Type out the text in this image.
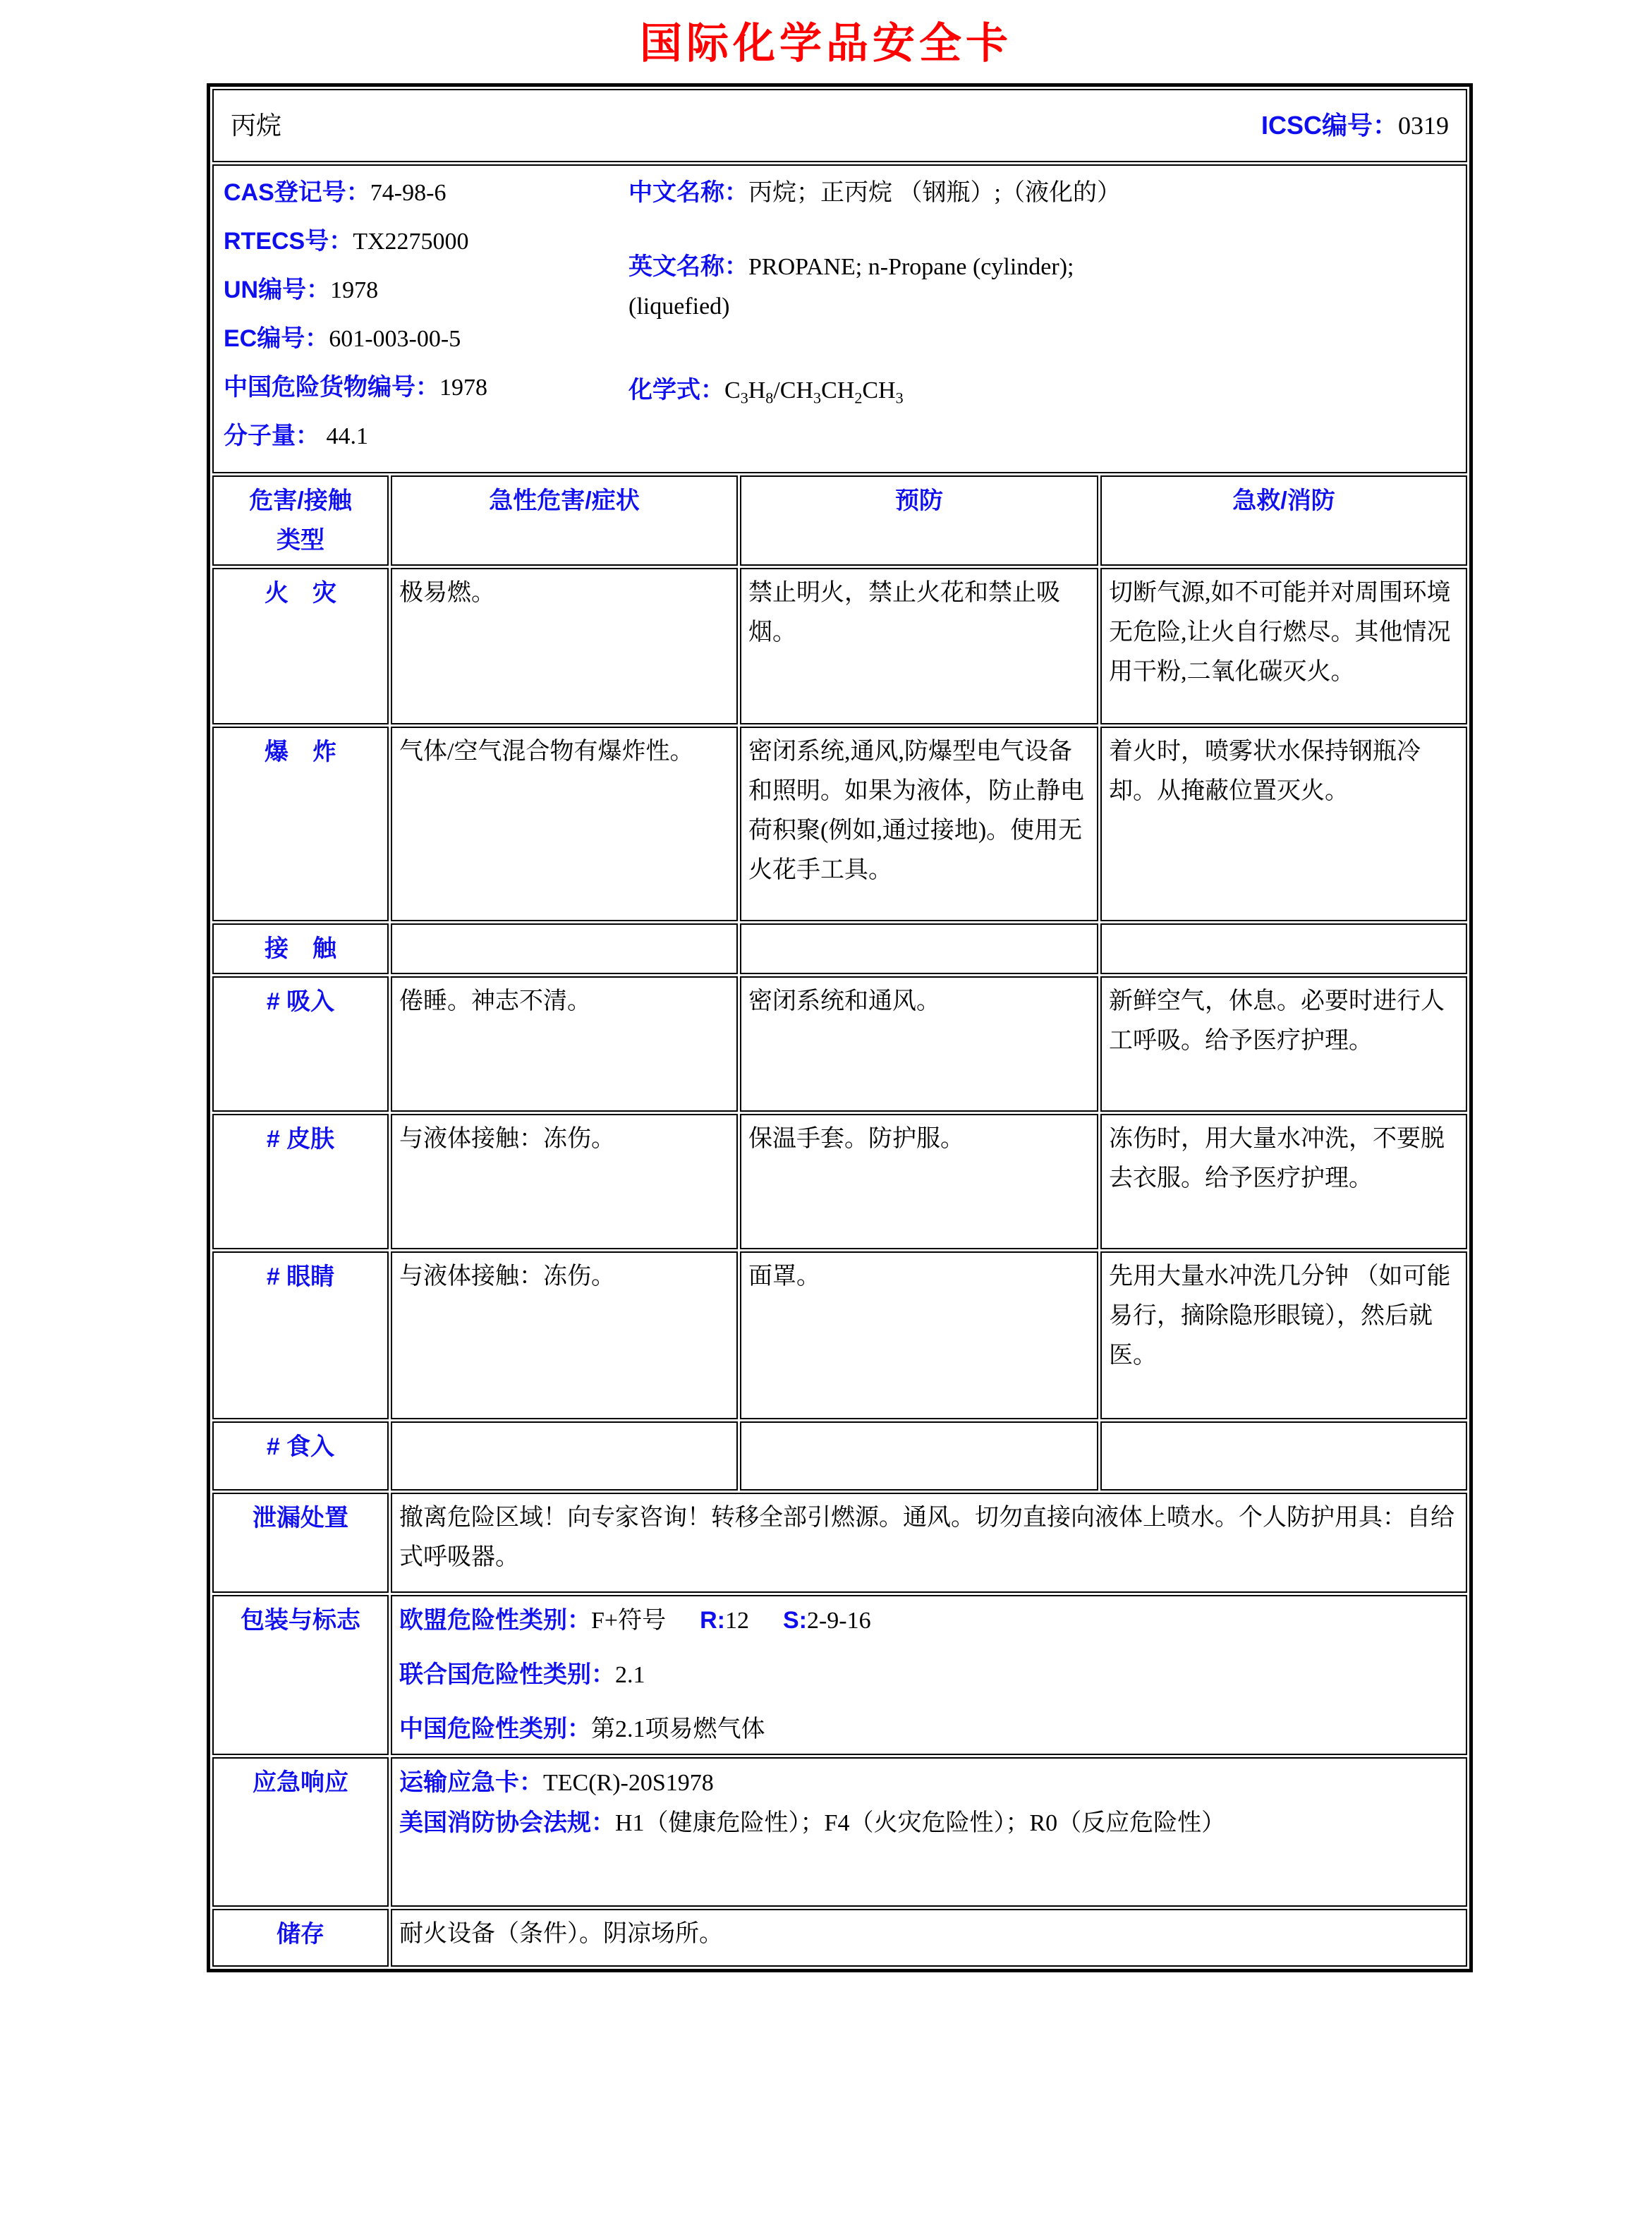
国际化学品安全卡
丙烷 ICSC编号：0319			

CAS登记号：74-98-6
RTECS号：TX2275000
UN编号：1978
EC编号：601-003-00-5
中国危险货物编号：1978
分子量： 44.1
中文名称：丙烷；正丙烷 （钢瓶）;（液化的）
英文名称：PROPANE; n-Propane (cylinder);
(liquefied)
化学式：$C_3H_8/CH_3CH_2CH_3$

危害/接触
类型	急性危害/症状	预防	急救/消防
火　灾	极易燃。	禁止明火，禁止火花和禁止吸烟。	切断气源,如不可能并对周围环境无危险,让火自行燃尽。其他情况用干粉,二氧化碳灭火。
爆　炸	气体/空气混合物有爆炸性。	密闭系统,通风,防爆型电气设备和照明。如果为液体，防止静电荷积聚(例如,通过接地)。使用无火花手工具。	着火时，喷雾状水保持钢瓶冷却。从掩蔽位置灭火。
接　触			
# 吸入	倦睡。神志不清。	密闭系统和通风。	新鲜空气，休息。必要时进行人工呼吸。给予医疗护理。
# 皮肤	与液体接触：冻伤。	保温手套。防护服。	冻伤时，用大量水冲洗，不要脱去衣服。给予医疗护理。
# 眼睛	与液体接触：冻伤。	面罩。	先用大量水冲洗几分钟 （如可能易行，摘除隐形眼镜），然后就医。
# 食入			
泄漏处置	撤离危险区域！向专家咨询！转移全部引燃源。通风。切勿直接向液体上喷水。个人防护用具：自给式呼吸器。		
包装与标志	欧盟危险性类别：F+符号 R:12 S:2-9-16
联合国危险性类别：2.1
中国危险性类别：第2.1项易燃气体		

应急响应	运输应急卡：TEC(R)-20S1978
美国消防协会法规：H1（健康危险性）；F4（火灾危险性）；R0（反应危险性）		

储存	耐火设备（条件）。阴凉场所。		
